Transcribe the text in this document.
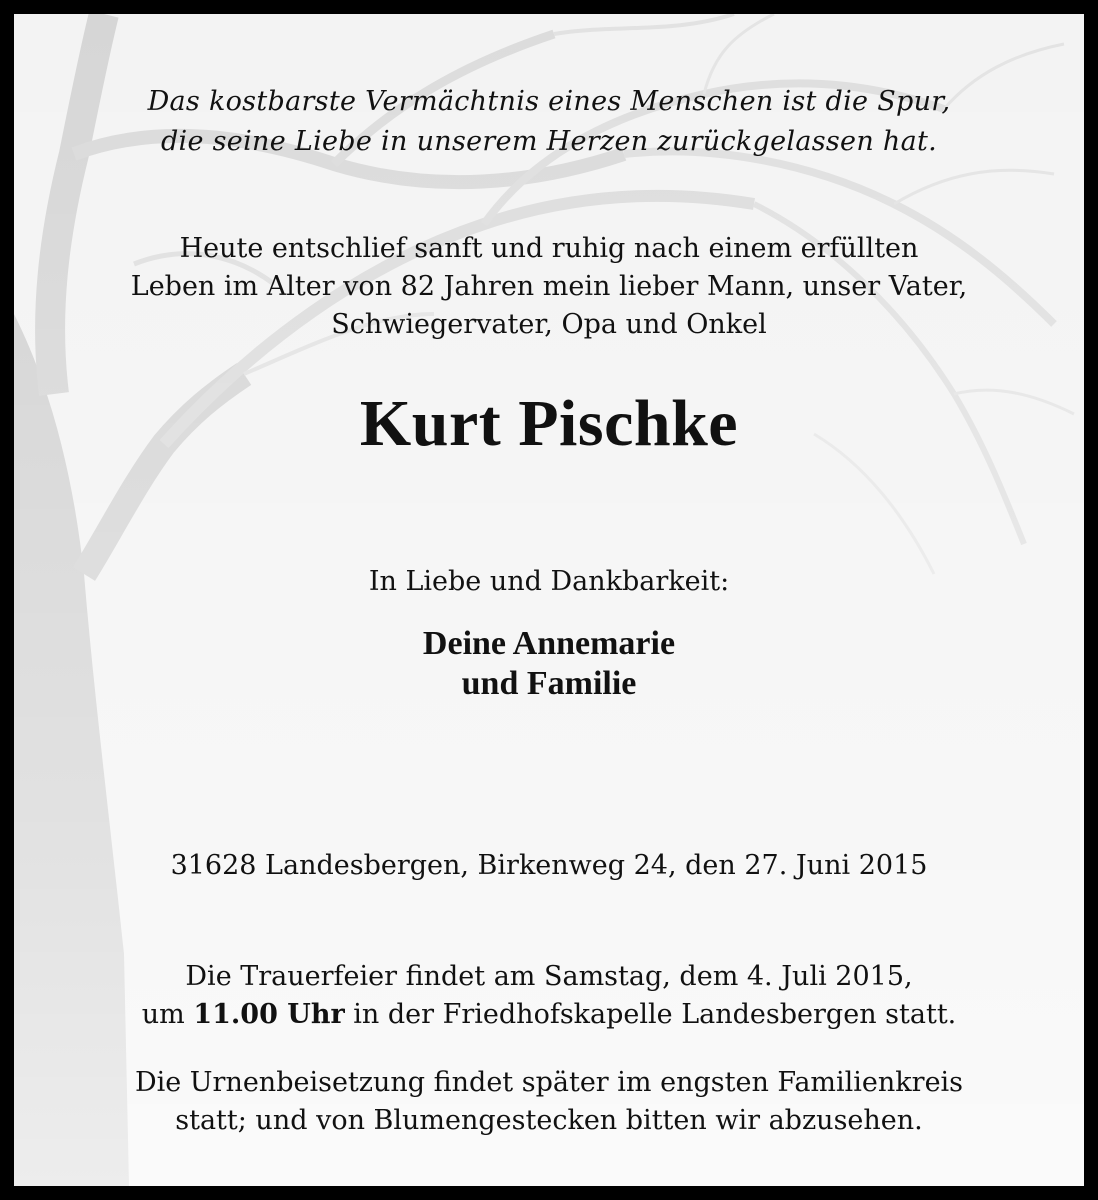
Das kostbarste Vermächtnis eines Menschen ist die Spur,
die seine Liebe in unserem Herzen zurückgelassen hat.
Heute entschlief sanft und ruhig nach einem erfüllten
Leben im Alter von 82 Jahren mein lieber Mann, unser Vater,
Schwiegervater, Opa und Onkel
Kurt Pischke
In Liebe und Dankbarkeit:
Deine Annemarie
und Familie
31628 Landesbergen, Birkenweg 24, den 27. Juni 2015
Die Trauerfeier findet am Samstag, dem 4. Juli 2015,
um 11.00 Uhr in der Friedhofskapelle Landesbergen statt.
Die Urnenbeisetzung findet später im engsten Familienkreis
statt; und von Blumengestecken bitten wir abzusehen.
